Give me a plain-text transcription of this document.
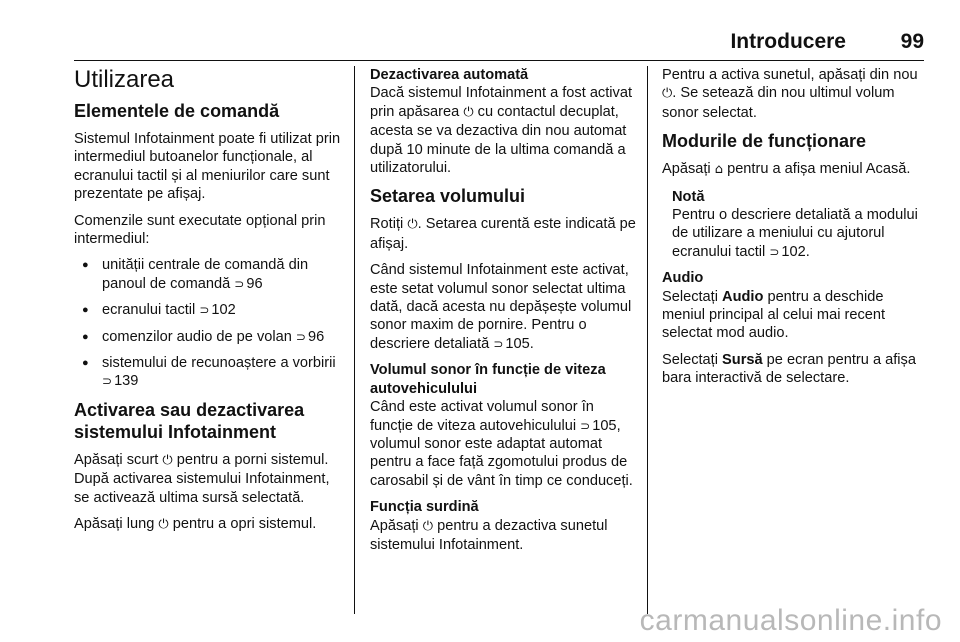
Introducere	99
Utilizarea
Elementele de comandă

Sistemul Infotainment poate fi utilizat prin intermediul butoanelor funcționale, al ecranului tactil și al meniurilor care sunt prezentate pe afișaj.

Comenzile sunt executate opțional prin intermediul:

● unității centrale de comandă din panoul de comandă ⊃ 96
● ecranului tactil ⊃ 102
● comenzilor audio de pe volan ⊃ 96
● sistemului de recunoaștere a vorbirii ⊃ 139
Activarea sau dezactivarea sistemului Infotainment

Apăsați scurt ⏻ pentru a porni sistemul. După activarea sistemului Infotainment, se activează ultima sursă selectată.

Apăsați lung ⏻ pentru a opri sistemul.

Dezactivarea automată

Dacă sistemul Infotainment a fost activat prin apăsarea ⏻ cu contactul decuplat, acesta se va dezactiva din nou automat după 10 minute de la ultima comandă a utilizatorului.

Setarea volumului

Rotiți ⏻. Setarea curentă este indicată pe afișaj.

Când sistemul Infotainment este activat, este setat volumul sonor selectat ultima dată, dacă acesta nu depășește volumul sonor maxim de pornire. Pentru o descriere detaliată ⊃ 105.

Volumul sonor în funcție de viteza autovehiculului

Când este activat volumul sonor în funcție de viteza autovehiculului ⊃ 105, volumul sonor este adaptat automat pentru a face față zgomotului produs de carosabil și de vânt în timp ce conduceți.

Funcția surdină

Apăsați ⏻ pentru a dezactiva sunetul sistemului Infotainment.

Pentru a activa sunetul, apăsați din nou ⏻. Se setează din nou ultimul volum sonor selectat.

Modurile de funcționare

Apăsați ⌂ pentru a afișa meniul Acasă.

Notă

Pentru o descriere detaliată a modului de utilizare a meniului cu ajutorul ecranului tactil ⊃ 102.

Audio

Selectați Audio pentru a deschide meniul principal al celui mai recent selectat mod audio.

Selectați Sursă pe ecran pentru a afișa bara interactivă de selectare.

carmanualsonline.info
